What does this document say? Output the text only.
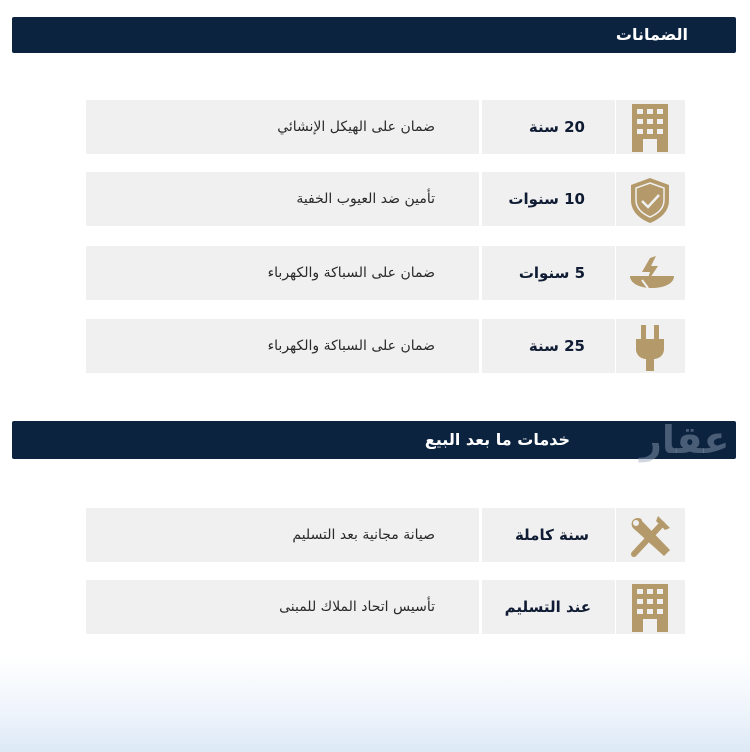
الضمانات
ضمان على الهيكل الإنشائي	20 سنة
تأمين ضد العيوب الخفية	10 سنوات
ضمان على السباكة والكهرباء	5 سنوات
ضمان على السباكة والكهرباء	25 سنة
خدمات ما بعد البيع عقار
صيانة مجانية بعد التسليم	سنة كاملة
تأسيس اتحاد الملاك للمبنى	عند التسليم
